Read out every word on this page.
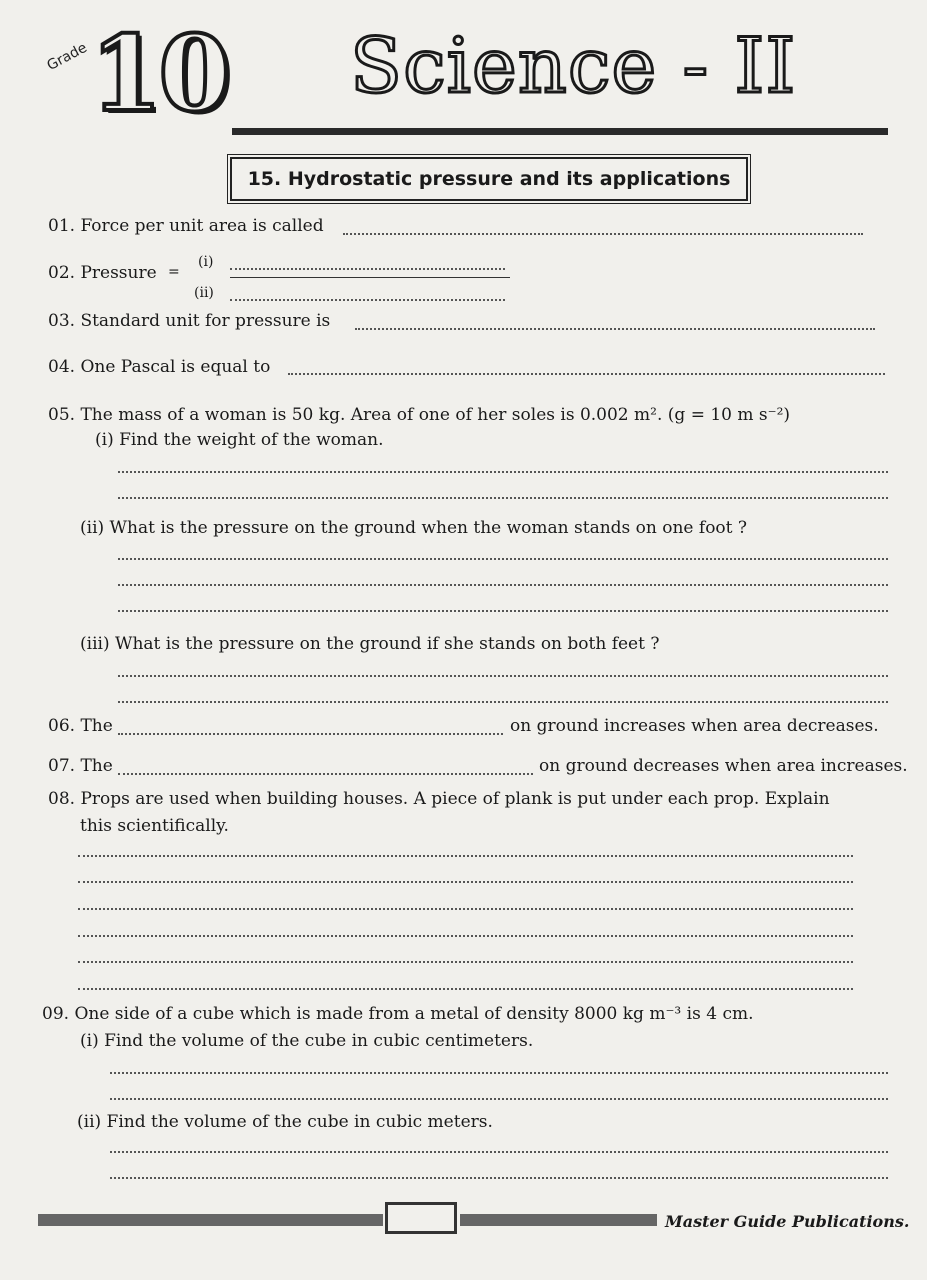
Grade 10 Science - II
15. Hydrostatic pressure and its applications
01. Force per unit area is called
02. Pressure =
(i)
(ii)
03. Standard unit for pressure is
04. One Pascal is equal to
05. The mass of a woman is 50 kg. Area of one of her soles is 0.002 m². (g = 10 m s⁻²)
(i) Find the weight of the woman.
(ii) What is the pressure on the ground when the woman stands on one foot ?
(iii) What is the pressure on the ground if she stands on both feet ?
06. The	on ground increases when area decreases.
07. The	on ground decreases when area increases.
08. Props are used when building houses. A piece of plank is put under each prop. Explain
this scientifically.
09. One side of a cube which is made from a metal of density 8000 kg m⁻³ is 4 cm.
(i) Find the volume of the cube in cubic centimeters.
(ii) Find the volume of the cube in cubic meters.
Master Guide Publications.
